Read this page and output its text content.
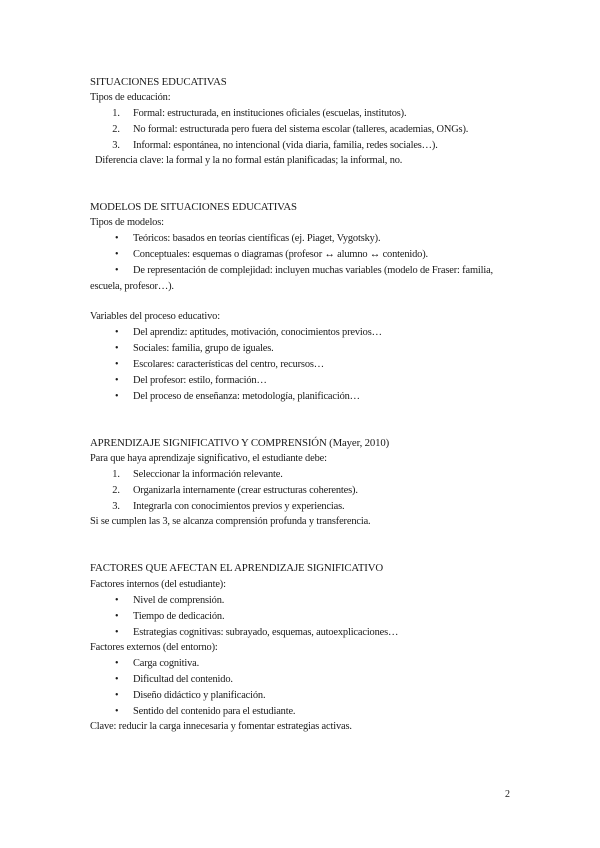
SITUACIONES EDUCATIVAS
Tipos de educación:
1. Formal: estructurada, en instituciones oficiales (escuelas, institutos).
2. No formal: estructurada pero fuera del sistema escolar (talleres, academias, ONGs).
3. Informal: espontánea, no intencional (vida diaria, familia, redes sociales…).
Diferencia clave: la formal y la no formal están planificadas; la informal, no.
MODELOS DE SITUACIONES EDUCATIVAS
Tipos de modelos:
• Teóricos: basados en teorías científicas (ej. Piaget, Vygotsky).
• Conceptuales: esquemas o diagramas (profesor ↔ alumno ↔ contenido).
• De representación de complejidad: incluyen muchas variables (modelo de Fraser: familia,
escuela, profesor…).
Variables del proceso educativo:
• Del aprendiz: aptitudes, motivación, conocimientos previos…
• Sociales: familia, grupo de iguales.
• Escolares: características del centro, recursos…
• Del profesor: estilo, formación…
• Del proceso de enseñanza: metodología, planificación…
APRENDIZAJE SIGNIFICATIVO Y COMPRENSIÓN (Mayer, 2010)
Para que haya aprendizaje significativo, el estudiante debe:
1. Seleccionar la información relevante.
2. Organizarla internamente (crear estructuras coherentes).
3. Integrarla con conocimientos previos y experiencias.
Si se cumplen las 3, se alcanza comprensión profunda y transferencia.
FACTORES QUE AFECTAN EL APRENDIZAJE SIGNIFICATIVO
Factores internos (del estudiante):
• Nivel de comprensión.
• Tiempo de dedicación.
• Estrategias cognitivas: subrayado, esquemas, autoexplicaciones…
Factores externos (del entorno):
• Carga cognitiva.
• Dificultad del contenido.
• Diseño didáctico y planificación.
• Sentido del contenido para el estudiante.
Clave: reducir la carga innecesaria y fomentar estrategias activas.
2
